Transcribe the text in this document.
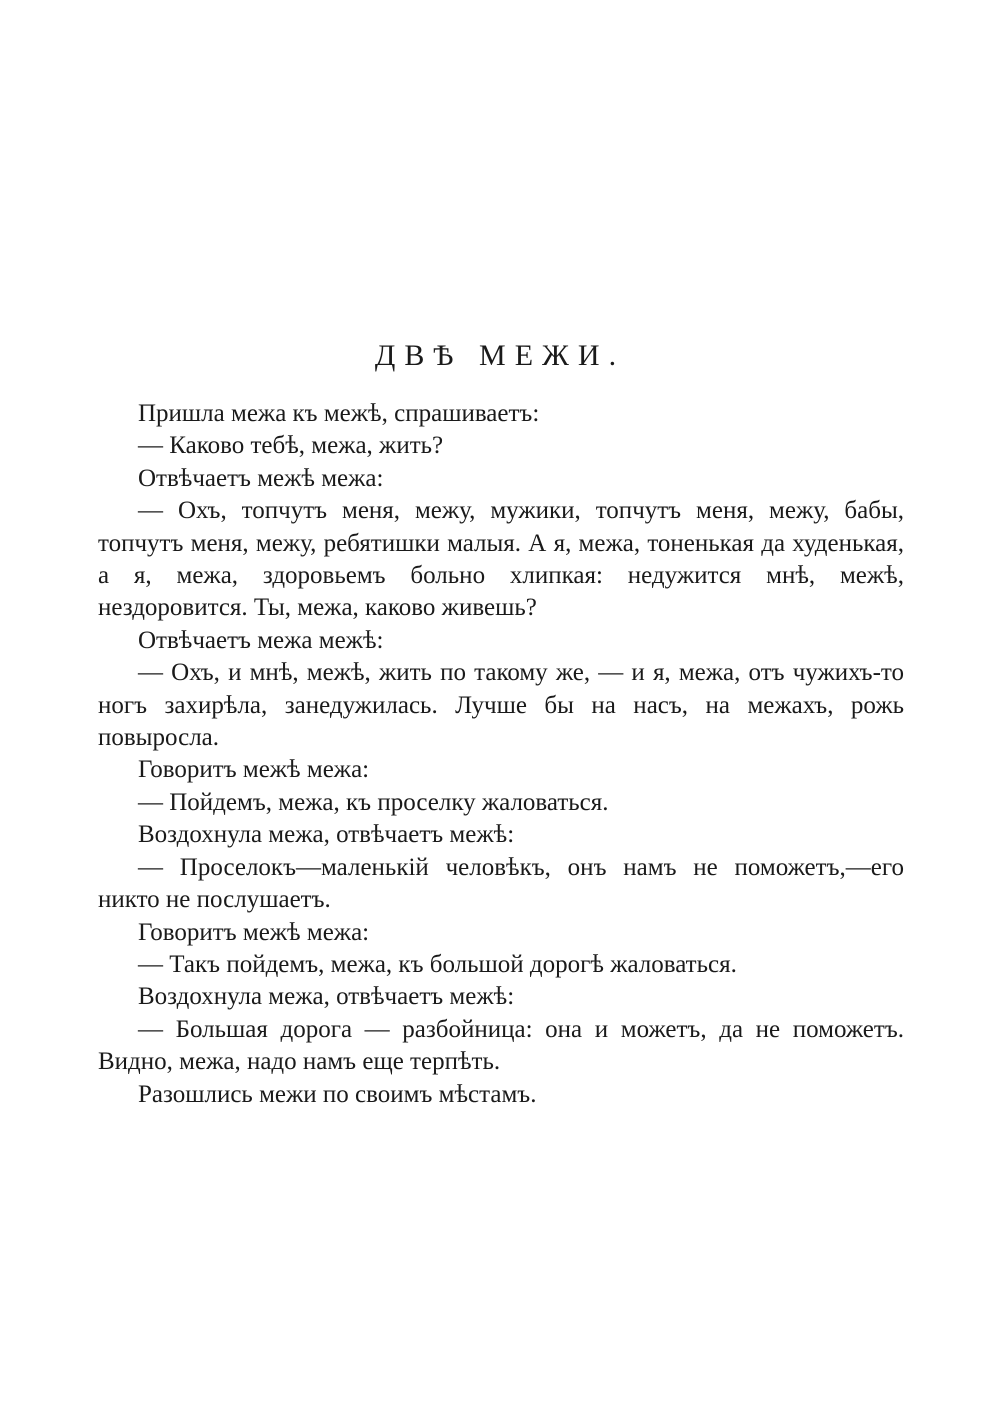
ДВѢ МЕЖИ.

Пришла межа къ межѣ, спрашиваетъ:

— Каково тебѣ, межа, жить?

Отвѣчаетъ межѣ межа:

— Охъ, топчутъ меня, межу, мужики, топчутъ меня, межу, бабы, топчутъ меня, межу, ребятишки малыя. А я, межа, тоненькая да худенькая, а я, межа, здоровьемъ больно хлипкая: недужится мнѣ, межѣ, нездоровится. Ты, межа, каково живешь?

Отвѣчаетъ межа межѣ:

— Охъ, и мнѣ, межѣ, жить по такому же, — и я, межа, отъ чужихъ-то ногъ захирѣла, занедужилась. Лучше бы на насъ, на межахъ, рожь повыросла.

Говоритъ межѣ межа:

— Пойдемъ, межа, къ проселку жаловаться.

Воздохнула межа, отвѣчаетъ межѣ:

— Проселокъ—маленькій человѣкъ, онъ намъ не поможетъ,—его никто не послушаетъ.

Говоритъ межѣ межа:

— Такъ пойдемъ, межа, къ большой дорогѣ жаловаться.

Воздохнула межа, отвѣчаетъ межѣ:

— Большая дорога — разбойница: она и можетъ, да не поможетъ. Видно, межа, надо намъ еще терпѣть.

Разошлись межи по своимъ мѣстамъ.
